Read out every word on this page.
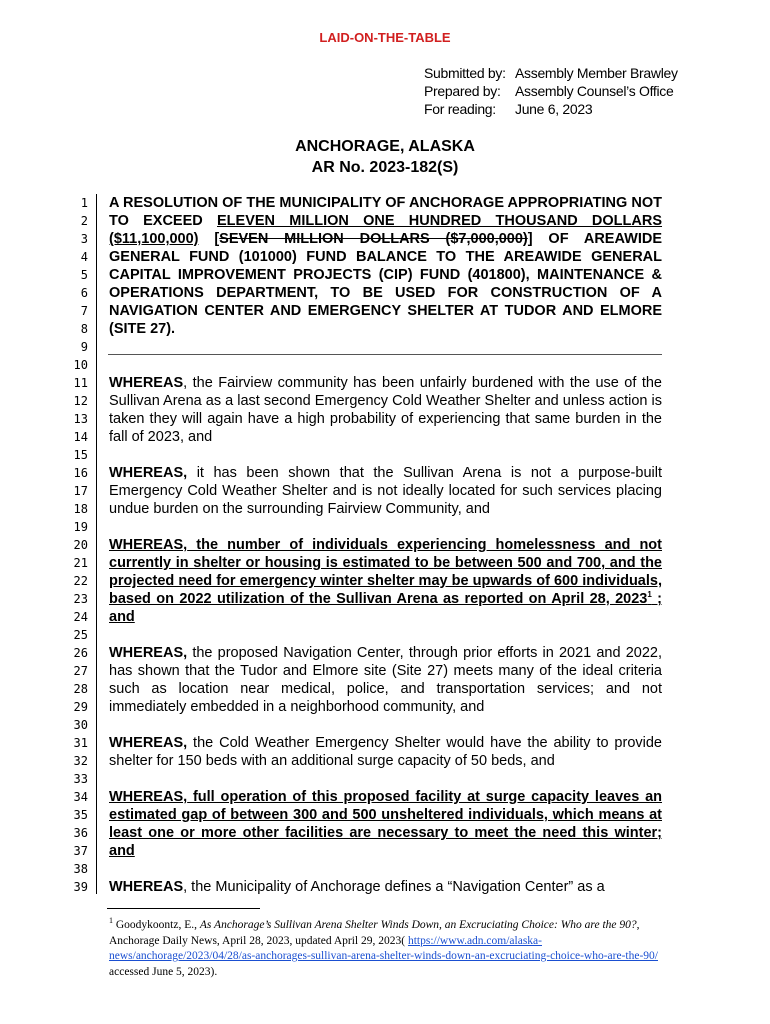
LAID-ON-THE-TABLE
Submitted by: Assembly Member Brawley
Prepared by:	Assembly Counsel’s Office
For reading:	June 6, 2023
ANCHORAGE, ALASKA
AR No. 2023-182(S)
1
2
3
4
5
6
7
8
9
10
11
12
13
14
15
16
17
18
19
20
21
22
23
24
25
26
27
28
29
30
31
32
33
34
35
36
37
38
39
A RESOLUTION OF THE MUNICIPALITY OF ANCHORAGE APPROPRIATING NOT TO EXCEED ELEVEN MILLION ONE HUNDRED THOUSAND DOLLARS ($11,100,000) [SEVEN MILLION DOLLARS ($7,000,000)] OF AREAWIDE GENERAL FUND (101000) FUND BALANCE TO THE AREAWIDE GENERAL CAPITAL IMPROVEMENT PROJECTS (CIP) FUND (401800), MAINTENANCE & OPERATIONS DEPARTMENT, TO BE USED FOR CONSTRUCTION OF A NAVIGATION CENTER AND EMERGENCY SHELTER AT TUDOR AND ELMORE (SITE 27).
WHEREAS, the Fairview community has been unfairly burdened with the use of the Sullivan Arena as a last second Emergency Cold Weather Shelter and unless action is taken they will again have a high probability of experiencing that same burden in the fall of 2023, and
WHEREAS, it has been shown that the Sullivan Arena is not a purpose-built Emergency Cold Weather Shelter and is not ideally located for such services placing undue burden on the surrounding Fairview Community, and
WHEREAS, the number of individuals experiencing homelessness and not currently in shelter or housing is estimated to be between 500 and 700, and the projected need for emergency winter shelter may be upwards of 600 individuals, based on 2022 utilization of the Sullivan Arena as reported on April 28, 2023$^1$ ; and
WHEREAS, the proposed Navigation Center, through prior efforts in 2021 and 2022, has shown that the Tudor and Elmore site (Site 27) meets many of the ideal criteria such as location near medical, police, and transportation services; and not immediately embedded in a neighborhood community, and
WHEREAS, the Cold Weather Emergency Shelter would have the ability to provide shelter for 150 beds with an additional surge capacity of 50 beds, and
WHEREAS, full operation of this proposed facility at surge capacity leaves an estimated gap of between 300 and 500 unsheltered individuals, which means at least one or more other facilities are necessary to meet the need this winter; and
WHEREAS, the Municipality of Anchorage defines a “Navigation Center” as a
$^1$ Goodykoontz, E., As Anchorage’s Sullivan Arena Shelter Winds Down, an Excruciating Choice: Who are the 90?, Anchorage Daily News, April 28, 2023, updated April 29, 2023( https://www.adn.com/alaska-news/anchorage/2023/04/28/as-anchorages-sullivan-arena-shelter-winds-down-an-excruciating-choice-who-are-the-90/ accessed June 5, 2023).
